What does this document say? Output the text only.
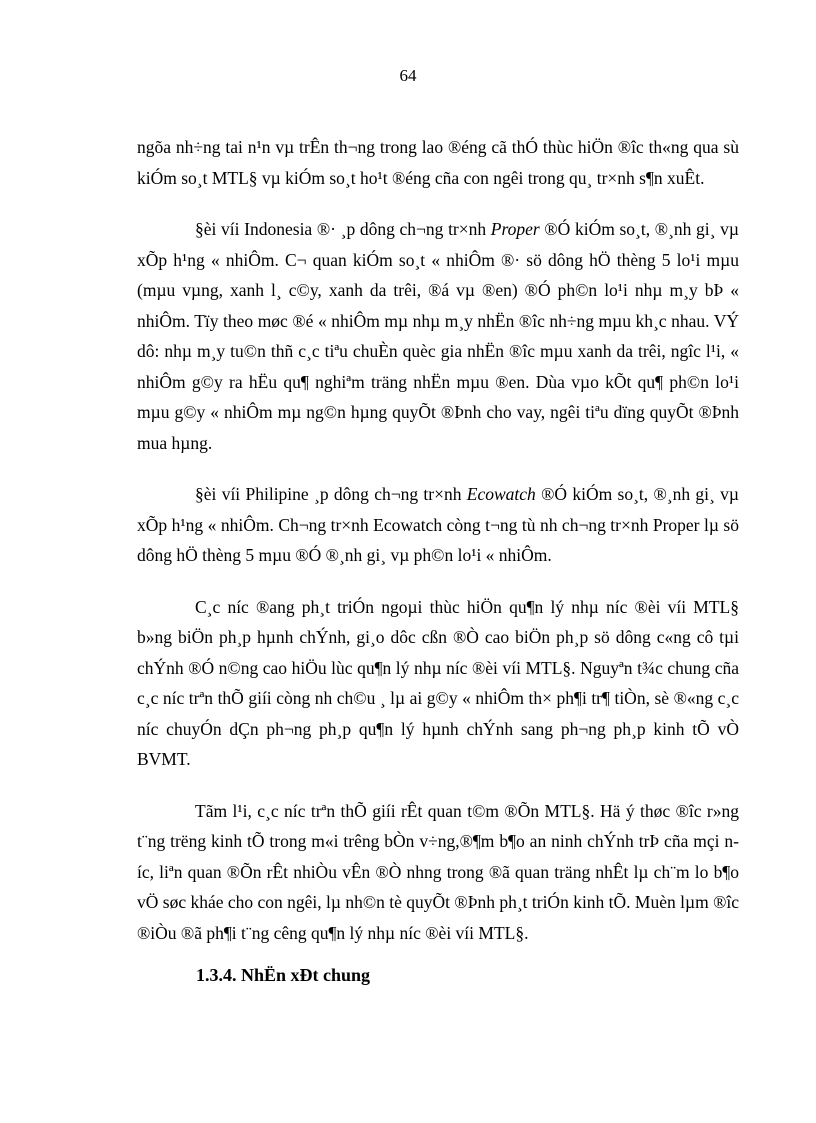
64

ngõa nh÷ng tai n¹n vµ trÊn th¬ng trong lao ®éng cã thÓ thùc hiÖn ®îc th«ng qua sù kiÓm so¸t MTL§ vµ kiÓm so¸t ho¹t ®éng cña con ngêi trong qu¸ tr×nh s¶n xuÊt.

§èi víi Indonesia ®· ¸p dông ch¬ng tr×nh Proper ®Ó kiÓm so¸t, ®¸nh gi¸ vµ xÕp h¹ng « nhiÔm. C¬ quan kiÓm so¸t « nhiÔm ®· sö dông hÖ thèng 5 lo¹i mµu (mµu vµng, xanh l¸ c©y, xanh da trêi, ®á vµ ®en) ®Ó ph©n lo¹i nhµ m¸y bÞ « nhiÔm. Tïy theo møc ®é « nhiÔm mµ nhµ m¸y nhËn ®îc nh÷ng mµu kh¸c nhau. VÝ dô: nhµ m¸y tu©n thñ c¸c tiªu chuÈn quèc gia nhËn ®îc mµu xanh da trêi, ngîc l¹i, « nhiÔm g©y ra hËu qu¶ nghiªm träng nhËn mµu ®en. Dùa vµo kÕt qu¶ ph©n lo¹i mµu g©y « nhiÔm mµ ng©n hµng quyÕt ®Þnh cho vay, ngêi tiªu dïng quyÕt ®Þnh mua hµng.

§èi víi Philipine ¸p dông ch¬ng tr×nh Ecowatch ®Ó kiÓm so¸t, ®¸nh gi¸ vµ xÕp h¹ng « nhiÔm. Ch¬ng tr×nh Ecowatch còng t¬ng tù nh ch¬ng tr×nh Proper lµ sö dông hÖ thèng 5 mµu ®Ó ®¸nh gi¸ vµ ph©n lo¹i « nhiÔm.

C¸c níc ®ang ph¸t triÓn ngoµi thùc hiÖn qu¶n lý nhµ níc ®èi víi MTL§ b»ng biÖn ph¸p hµnh chÝnh, gi¸o dôc cßn ®Ò cao biÖn ph¸p sö dông c«ng cô tµi chÝnh ®Ó n©ng cao hiÖu lùc qu¶n lý nhµ níc ®èi víi MTL§. Nguyªn t¾c chung cña c¸c níc trªn thÕ giíi còng nh ch©u ¸ lµ ai g©y « nhiÔm th× ph¶i tr¶ tiÒn, sè ®«ng c¸c níc chuyÓn dÇn ph¬ng ph¸p qu¶n lý hµnh chÝnh sang ph¬ng ph¸p kinh tÕ vÒ BVMT.

Tãm l¹i, c¸c níc trªn thÕ giíi rÊt quan t©m ®Õn MTL§. Hä ý thøc ®îc r»ng t¨ng trëng kinh tÕ trong m«i trêng bÒn v÷ng,®¶m b¶o an ninh chÝnh trÞ cña mçi níc, liªn quan ®Õn rÊt nhiÒu vÊn ®Ò nhng trong ®ã quan träng nhÊt lµ ch¨m lo b¶o vÖ søc kháe cho con ngêi, lµ nh©n tè quyÕt ®Þnh ph¸t triÓn kinh tÕ. Muèn lµm ®îc ®iÒu ®ã ph¶i t¨ng cêng qu¶n lý nhµ níc ®èi víi MTL§.

1.3.4. NhËn xÐt chung
